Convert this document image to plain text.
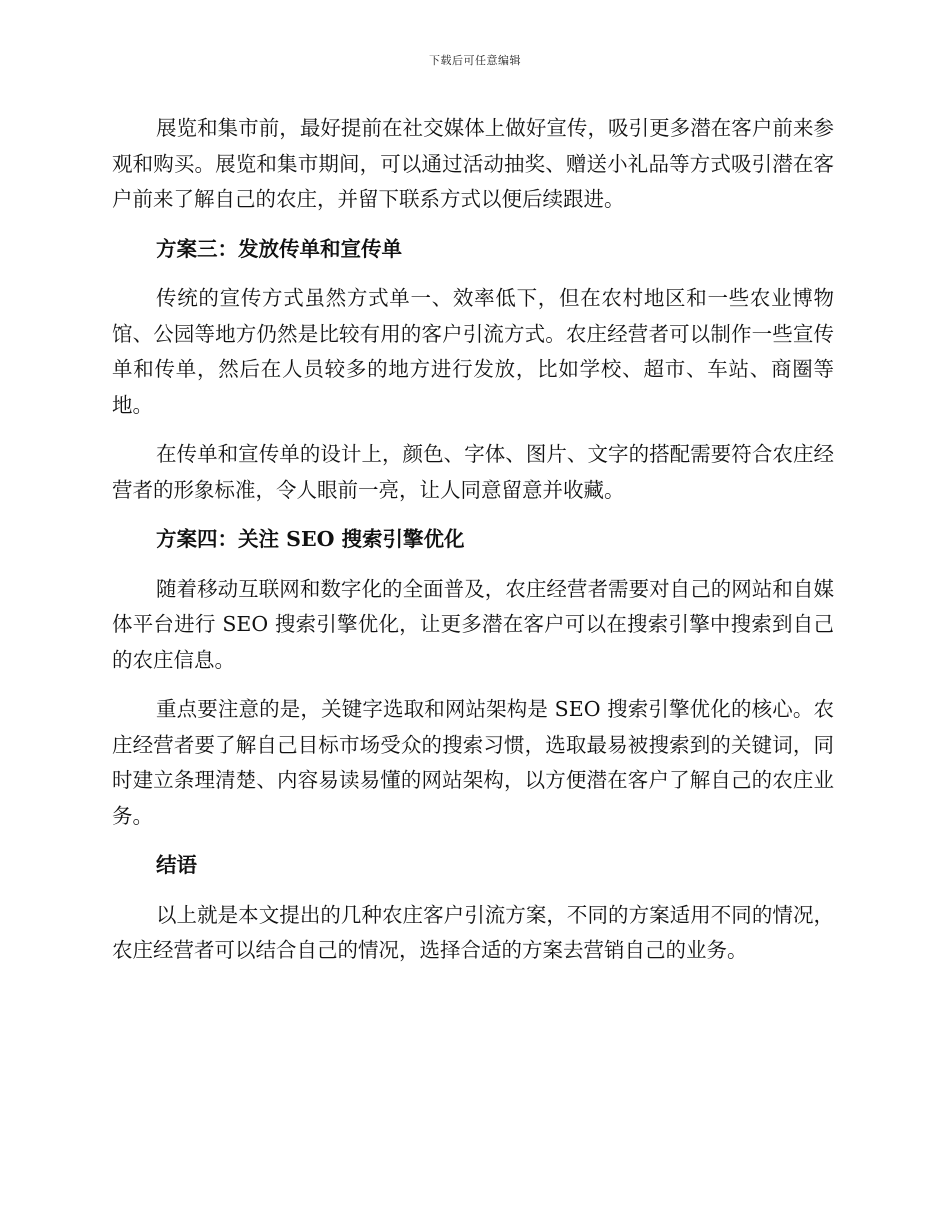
下载后可任意编辑

展览和集市前，最好提前在社交媒体上做好宣传，吸引更多潜在客户前来参观和购买。展览和集市期间，可以通过活动抽奖、赠送小礼品等方式吸引潜在客户前来了解自己的农庄，并留下联系方式以便后续跟进。

方案三：发放传单和宣传单

传统的宣传方式虽然方式单一、效率低下，但在农村地区和一些农业博物馆、公园等地方仍然是比较有用的客户引流方式。农庄经营者可以制作一些宣传单和传单，然后在人员较多的地方进行发放，比如学校、超市、车站、商圈等地。

在传单和宣传单的设计上，颜色、字体、图片、文字的搭配需要符合农庄经营者的形象标准，令人眼前一亮，让人同意留意并收藏。

方案四：关注 SEO 搜索引擎优化

随着移动互联网和数字化的全面普及，农庄经营者需要对自己的网站和自媒体平台进行 SEO 搜索引擎优化，让更多潜在客户可以在搜索引擎中搜索到自己的农庄信息。

重点要注意的是，关键字选取和网站架构是 SEO 搜索引擎优化的核心。农庄经营者要了解自己目标市场受众的搜索习惯，选取最易被搜索到的关键词，同时建立条理清楚、内容易读易懂的网站架构，以方便潜在客户了解自己的农庄业务。

结语

以上就是本文提出的几种农庄客户引流方案，不同的方案适用不同的情况，农庄经营者可以结合自己的情况，选择合适的方案去营销自己的业务。
